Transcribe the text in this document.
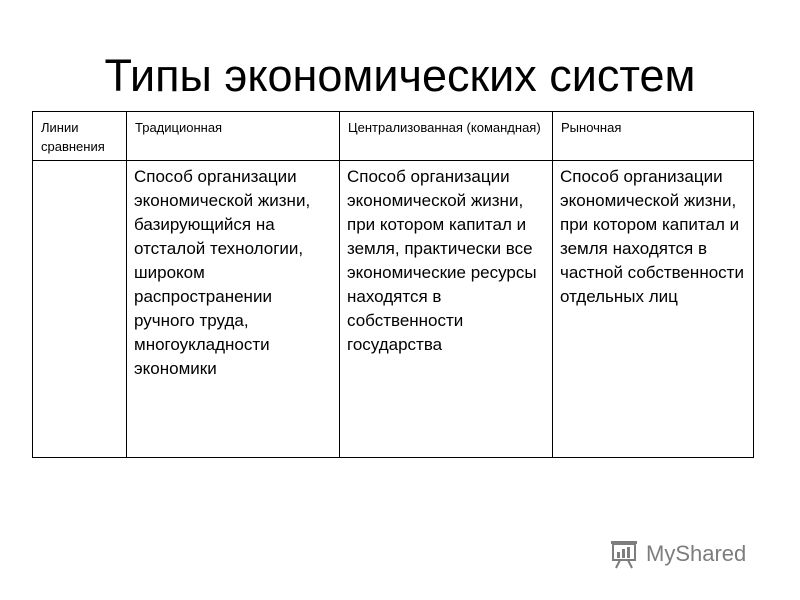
Типы экономических систем
Линии сравнения	Традиционная	Централизованная (командная)	Рыночная
	Способ организации экономической жизни, базирующийся на отсталой технологии, широком распространении ручного труда, многоукладности экономики	Способ организации экономической жизни, при котором капитал и земля, практически все экономические ресурсы находятся в собственности государства	Способ организации экономической жизни, при котором капитал и земля находятся в частной собственности отдельных лиц
MyShared
